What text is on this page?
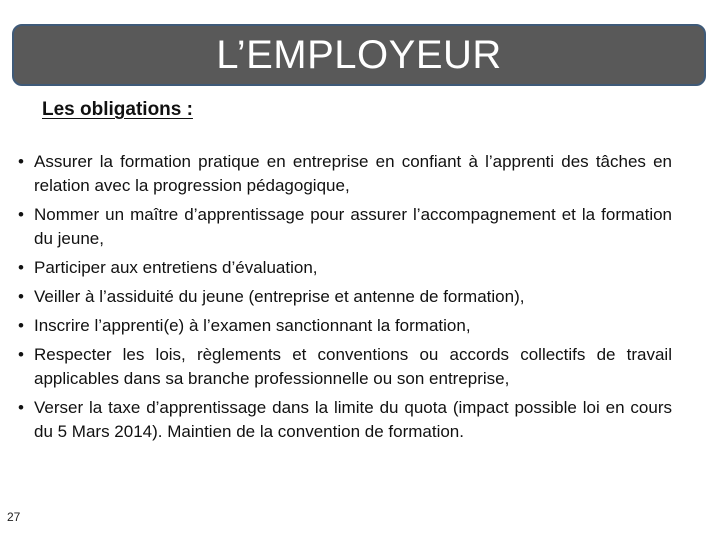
L’EMPLOYEUR
Les obligations :
• Assurer la formation pratique en entreprise en confiant à l’apprenti des tâches en relation avec la progression pédagogique,
• Nommer un maître d’apprentissage pour assurer l’accompagnement et la formation du jeune,
• Participer aux entretiens d’évaluation,
• Veiller à l’assiduité du jeune (entreprise et antenne de formation),
• Inscrire l’apprenti(e) à l’examen sanctionnant la formation,
• Respecter les lois, règlements et conventions ou accords collectifs de travail applicables dans sa branche professionnelle ou son entreprise,
• Verser la taxe d’apprentissage dans la limite du quota (impact possible loi en cours du 5 Mars 2014). Maintien de la convention de formation.
27
